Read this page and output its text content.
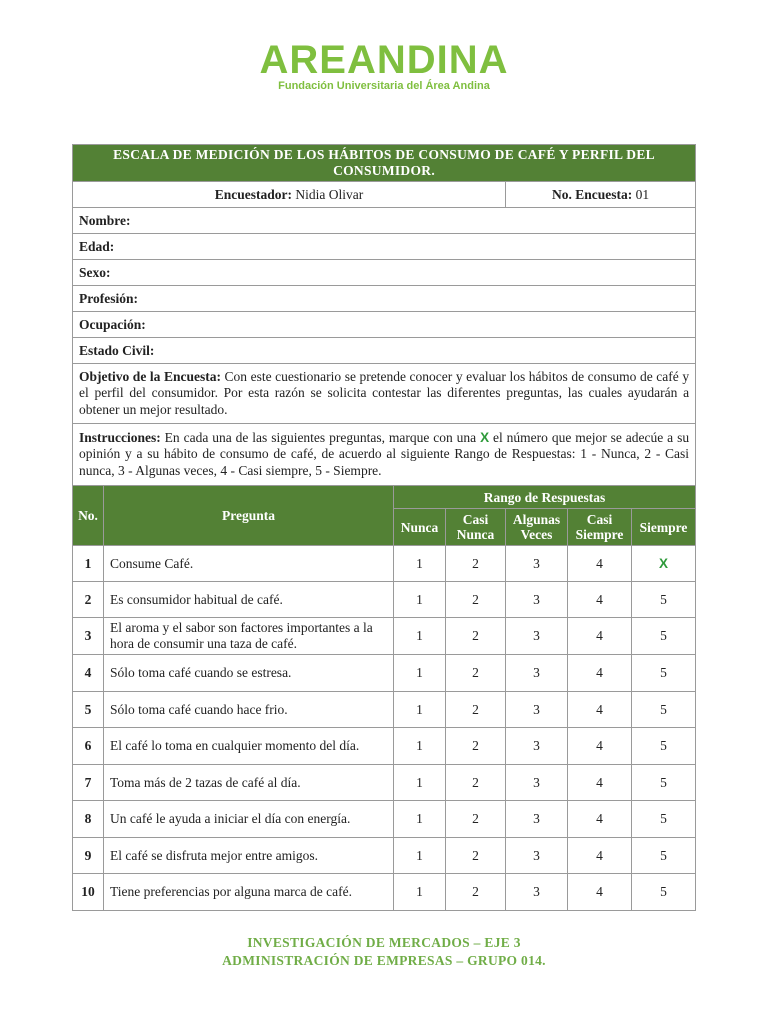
AREANDINA
Fundación Universitaria del Área Andina
ESCALA DE MEDICIÓN DE LOS HÁBITOS DE CONSUMO DE CAFÉ Y PERFIL DEL CONSUMIDOR.						
Encuestador: Nidia Olivar				No. Encuesta: 01		
Nombre:						
Edad:						
Sexo:						
Profesión:						
Ocupación:						
Estado Civil:						
Objetivo de la Encuesta: Con este cuestionario se pretende conocer y evaluar los hábitos de consumo de café y el perfil del consumidor. Por esta razón se solicita contestar las diferentes preguntas, las cuales ayudarán a obtener un mejor resultado.						
Instrucciones: En cada una de las siguientes preguntas, marque con una X el número que mejor se adecúe a su opinión y a su hábito de consumo de café, de acuerdo al siguiente Rango de Respuestas: 1 - Nunca, 2 - Casi nunca, 3 - Algunas veces, 4 - Casi siempre, 5 - Siempre.						
No.	Pregunta	Rango de Respuestas				
		Nunca	Casi Nunca	Algunas Veces	Casi Siempre	Siempre
1	Consume Café.	1	2	3	4	X
2	Es consumidor habitual de café.	1	2	3	4	5
3	El aroma y el sabor son factores importantes a la hora de consumir una taza de café.	1	2	3	4	5
4	Sólo toma café cuando se estresa.	1	2	3	4	5
5	Sólo toma café cuando hace frio.	1	2	3	4	5
6	El café lo toma en cualquier momento del día.	1	2	3	4	5
7	Toma más de 2 tazas de café al día.	1	2	3	4	5
8	Un café le ayuda a iniciar el día con energía.	1	2	3	4	5
9	El café se disfruta mejor entre amigos.	1	2	3	4	5
10	Tiene preferencias por alguna marca de café.	1	2	3	4	5
INVESTIGACIÓN DE MERCADOS – EJE 3
ADMINISTRACIÓN DE EMPRESAS – GRUPO 014.
